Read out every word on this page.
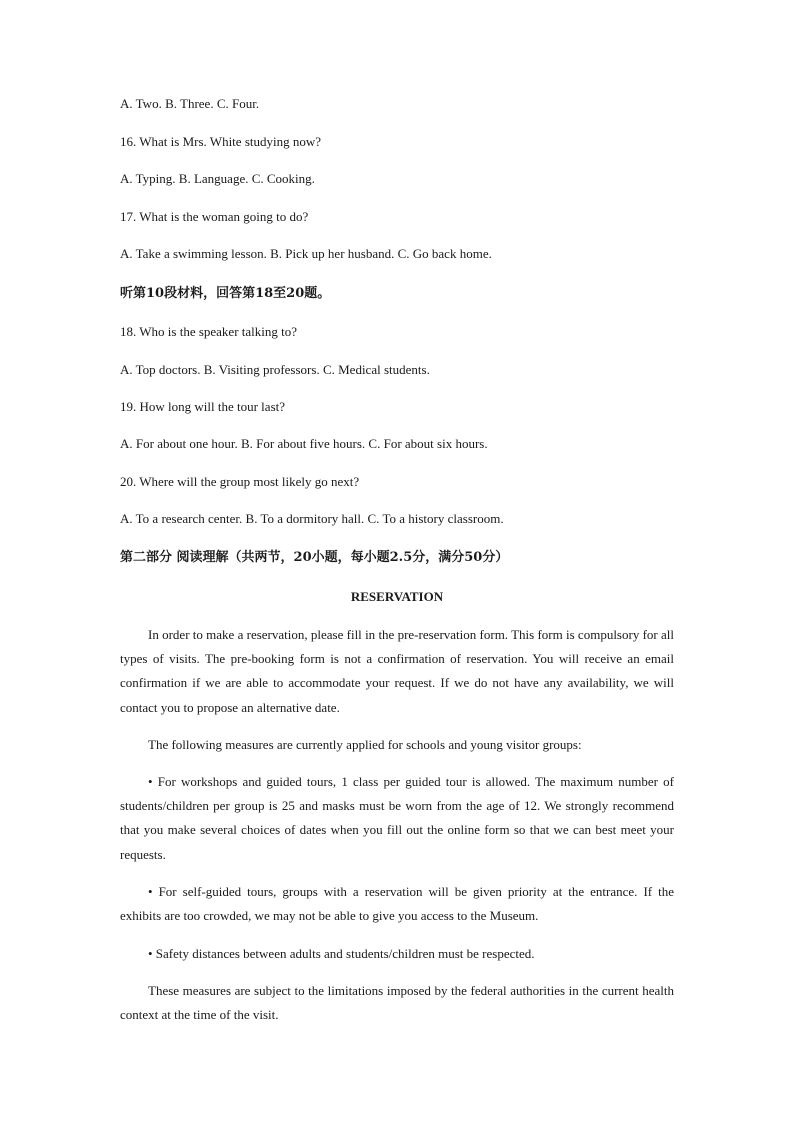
A. Two. B. Three. C. Four.

16. What is Mrs. White studying now?

A. Typing. B. Language. C. Cooking.

17. What is the woman going to do?

A. Take a swimming lesson. B. Pick up her husband. C. Go back home.

听第10段材料，回答第18至20题。

18. Who is the speaker talking to?

A. Top doctors. B. Visiting professors. C. Medical students.

19. How long will the tour last?

A. For about one hour. B. For about five hours. C. For about six hours.

20. Where will the group most likely go next?

A. To a research center. B. To a dormitory hall. C. To a history classroom.

第二部分 阅读理解（共两节，20小题，每小题2.5分，满分50分）

RESERVATION

In order to make a reservation, please fill in the pre-reservation form. This form is compulsory for all types of visits. The pre-booking form is not a confirmation of reservation. You will receive an email confirmation if we are able to accommodate your request. If we do not have any availability, we will contact you to propose an alternative date.

The following measures are currently applied for schools and young visitor groups:

• For workshops and guided tours, 1 class per guided tour is allowed. The maximum number of students/children per group is 25 and masks must be worn from the age of 12. We strongly recommend that you make several choices of dates when you fill out the online form so that we can best meet your requests.

• For self-guided tours, groups with a reservation will be given priority at the entrance. If the exhibits are too crowded, we may not be able to give you access to the Museum.

• Safety distances between adults and students/children must be respected.

These measures are subject to the limitations imposed by the federal authorities in the current health context at the time of the visit.
